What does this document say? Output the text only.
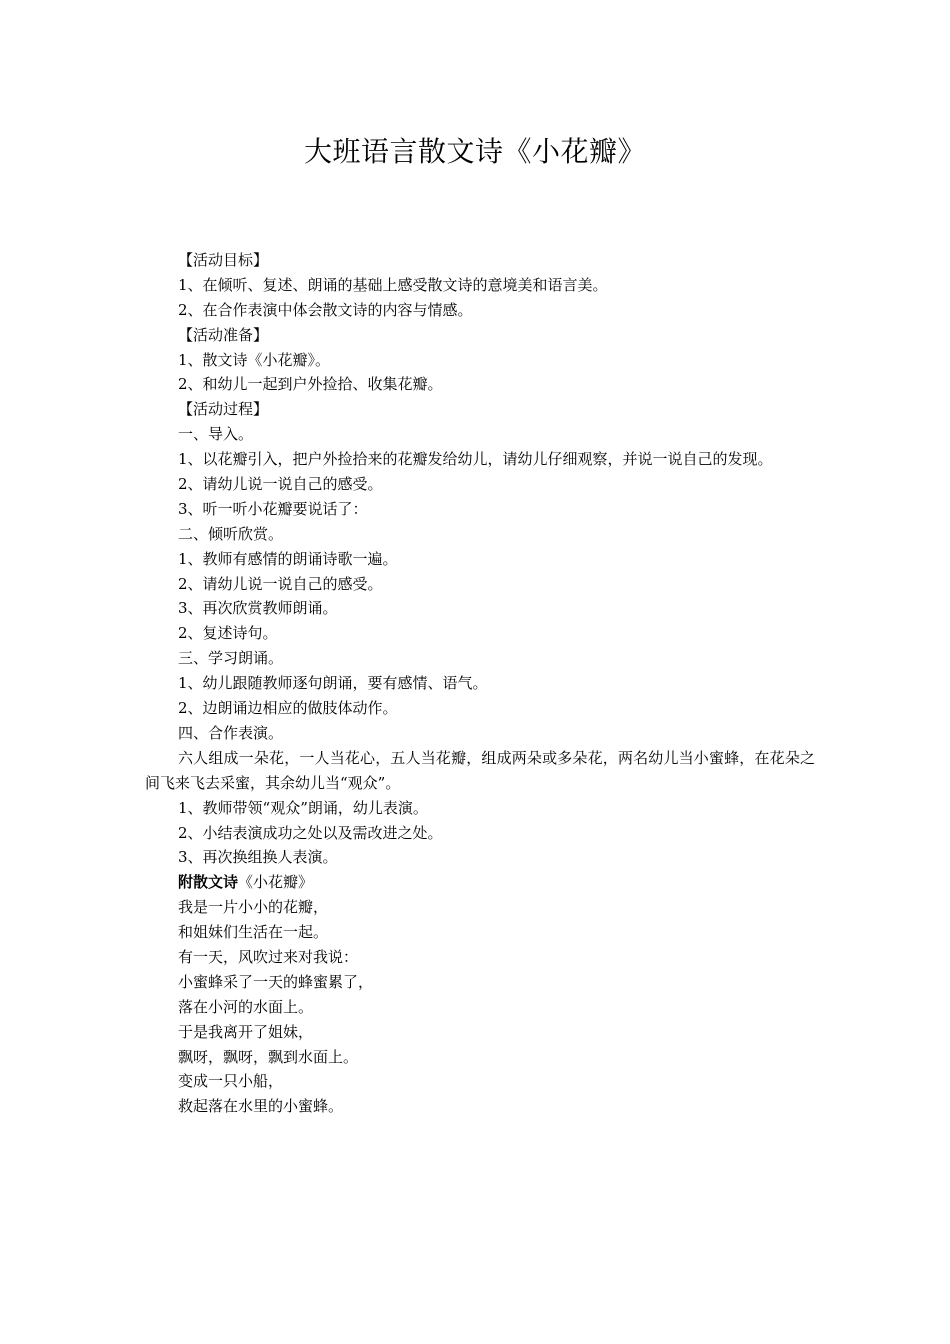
大班语言散文诗《小花瓣》

【活动目标】

1、在倾听、复述、朗诵的基础上感受散文诗的意境美和语言美。

2、在合作表演中体会散文诗的内容与情感。

【活动准备】

1、散文诗《小花瓣》。

2、和幼儿一起到户外捡拾、收集花瓣。

【活动过程】

一、导入。

1、以花瓣引入，把户外捡拾来的花瓣发给幼儿，请幼儿仔细观察，并说一说自己的发现。

2、请幼儿说一说自己的感受。

3、听一听小花瓣要说话了：

二、倾听欣赏。

1、教师有感情的朗诵诗歌一遍。

2、请幼儿说一说自己的感受。

3、再次欣赏教师朗诵。

2、复述诗句。

三、学习朗诵。

1、幼儿跟随教师逐句朗诵，要有感情、语气。

2、边朗诵边相应的做肢体动作。

四、合作表演。

六人组成一朵花，一人当花心，五人当花瓣，组成两朵或多朵花，两名幼儿当小蜜蜂，在花朵之间飞来飞去采蜜，其余幼儿当“观众”。

1、教师带领“观众”朗诵，幼儿表演。

2、小结表演成功之处以及需改进之处。

3、再次换组换人表演。

附散文诗《小花瓣》

我是一片小小的花瓣，

和姐妹们生活在一起。

有一天，风吹过来对我说：

小蜜蜂采了一天的蜂蜜累了，

落在小河的水面上。

于是我离开了姐妹，

飘呀，飘呀，飘到水面上。

变成一只小船，

救起落在水里的小蜜蜂。
